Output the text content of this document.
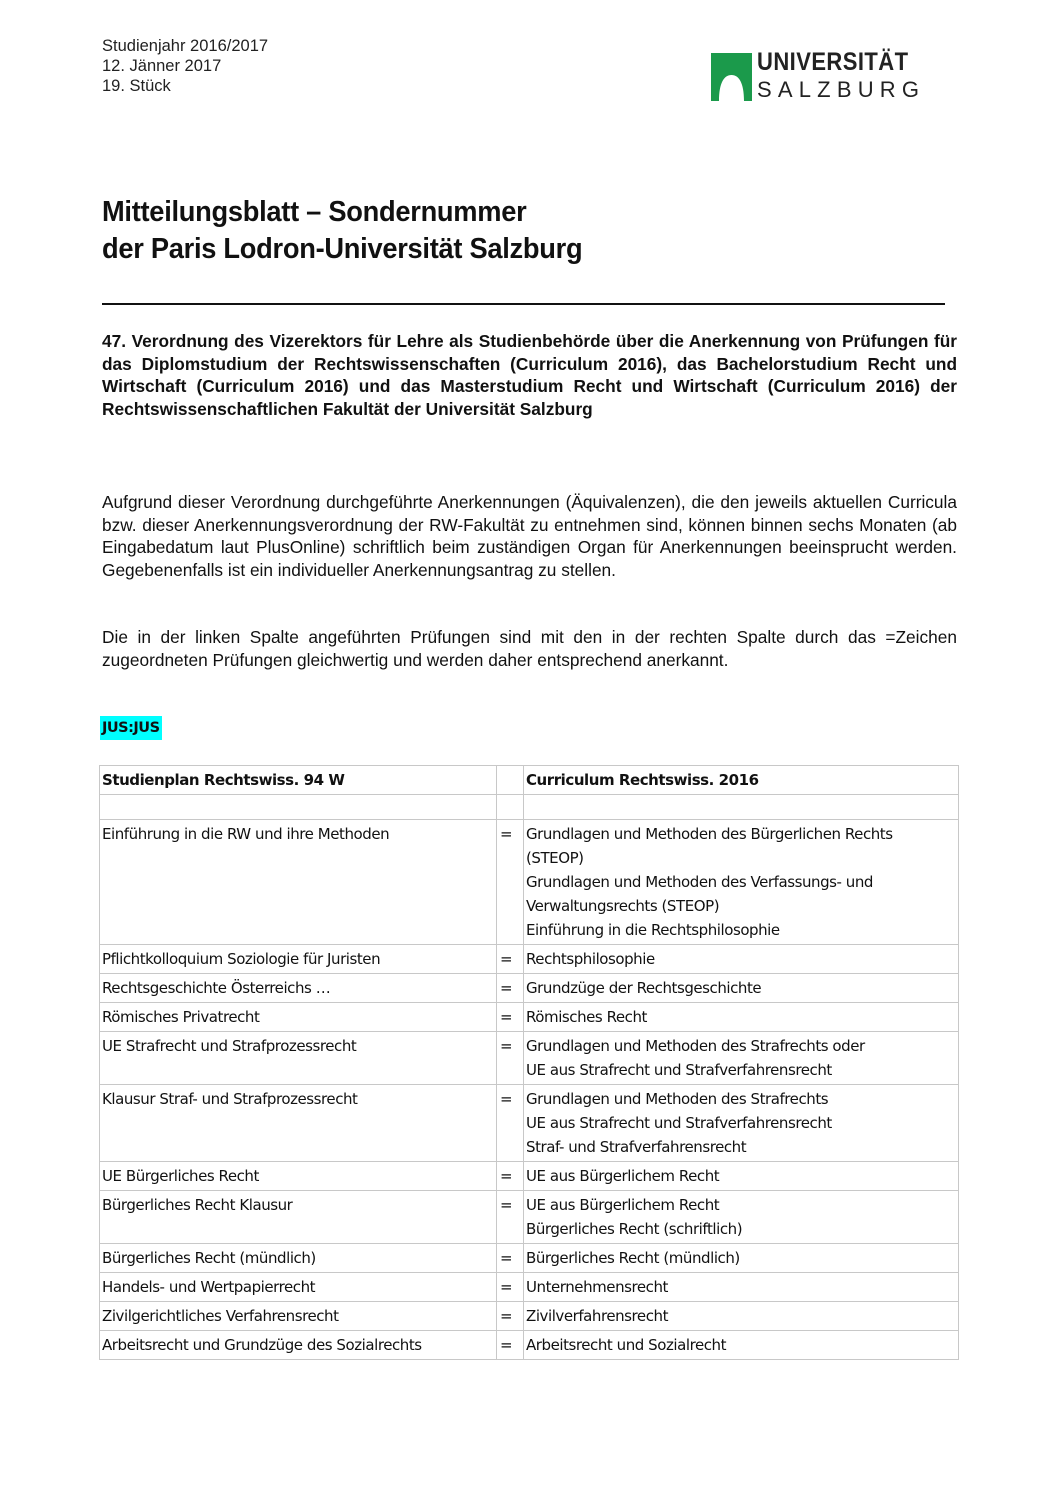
Studienjahr 2016/2017
12. Jänner 2017
19. Stück
UNIVERSITÄT
SALZBURG
Mitteilungsblatt – Sondernummer
der Paris Lodron-Universität Salzburg
47. Verordnung des Vizerektors für Lehre als Studienbehörde über die Anerkennung von Prüfungen für das Diplomstudium der Rechtswissenschaften (Curriculum 2016), das Bachelorstudium Recht und Wirtschaft (Curriculum 2016) und das Masterstudium Recht und Wirtschaft (Curriculum 2016) der Rechtswissenschaftlichen Fakultät der Universität Salzburg
Aufgrund dieser Verordnung durchgeführte Anerkennungen (Äquivalenzen), die den jeweils aktuellen Curricula bzw. dieser Anerkennungsverordnung der RW-Fakultät zu entnehmen sind, können binnen sechs Monaten (ab Eingabedatum laut PlusOnline) schriftlich beim zuständigen Organ für Anerkennungen beeinsprucht werden. Gegebenenfalls ist ein individueller Anerkennungsantrag zu stellen.
Die in der linken Spalte angeführten Prüfungen sind mit den in der rechten Spalte durch das =Zeichen zugeordneten Prüfungen gleichwertig und werden daher entsprechend anerkannt.
JUS:JUS
Studienplan Rechtswiss. 94 W		Curriculum Rechtswiss. 2016

Einführung in die RW und ihre Methoden	=	Grundlagen und Methoden des Bürgerlichen Rechts
(STEOP)
Grundlagen und Methoden des Verfassungs- und
Verwaltungsrechts (STEOP)
Einführung in die Rechtsphilosophie

Pflichtkolloquium Soziologie für Juristen	=	Rechtsphilosophie

Rechtsgeschichte Österreichs …	=	Grundzüge der Rechtsgeschichte

Römisches Privatrecht	=	Römisches Recht

UE Strafrecht und Strafprozessrecht	=	Grundlagen und Methoden des Strafrechts oder
UE aus Strafrecht und Strafverfahrensrecht

Klausur Straf- und Strafprozessrecht	=	Grundlagen und Methoden des Strafrechts
UE aus Strafrecht und Strafverfahrensrecht
Straf- und Strafverfahrensrecht

UE Bürgerliches Recht	=	UE aus Bürgerlichem Recht

Bürgerliches Recht Klausur	=	UE aus Bürgerlichem Recht
Bürgerliches Recht (schriftlich)

Bürgerliches Recht (mündlich)	=	Bürgerliches Recht (mündlich)

Handels- und Wertpapierrecht	=	Unternehmensrecht

Zivilgerichtliches Verfahrensrecht	=	Zivilverfahrensrecht

Arbeitsrecht und Grundzüge des Sozialrechts	=	Arbeitsrecht und Sozialrecht
